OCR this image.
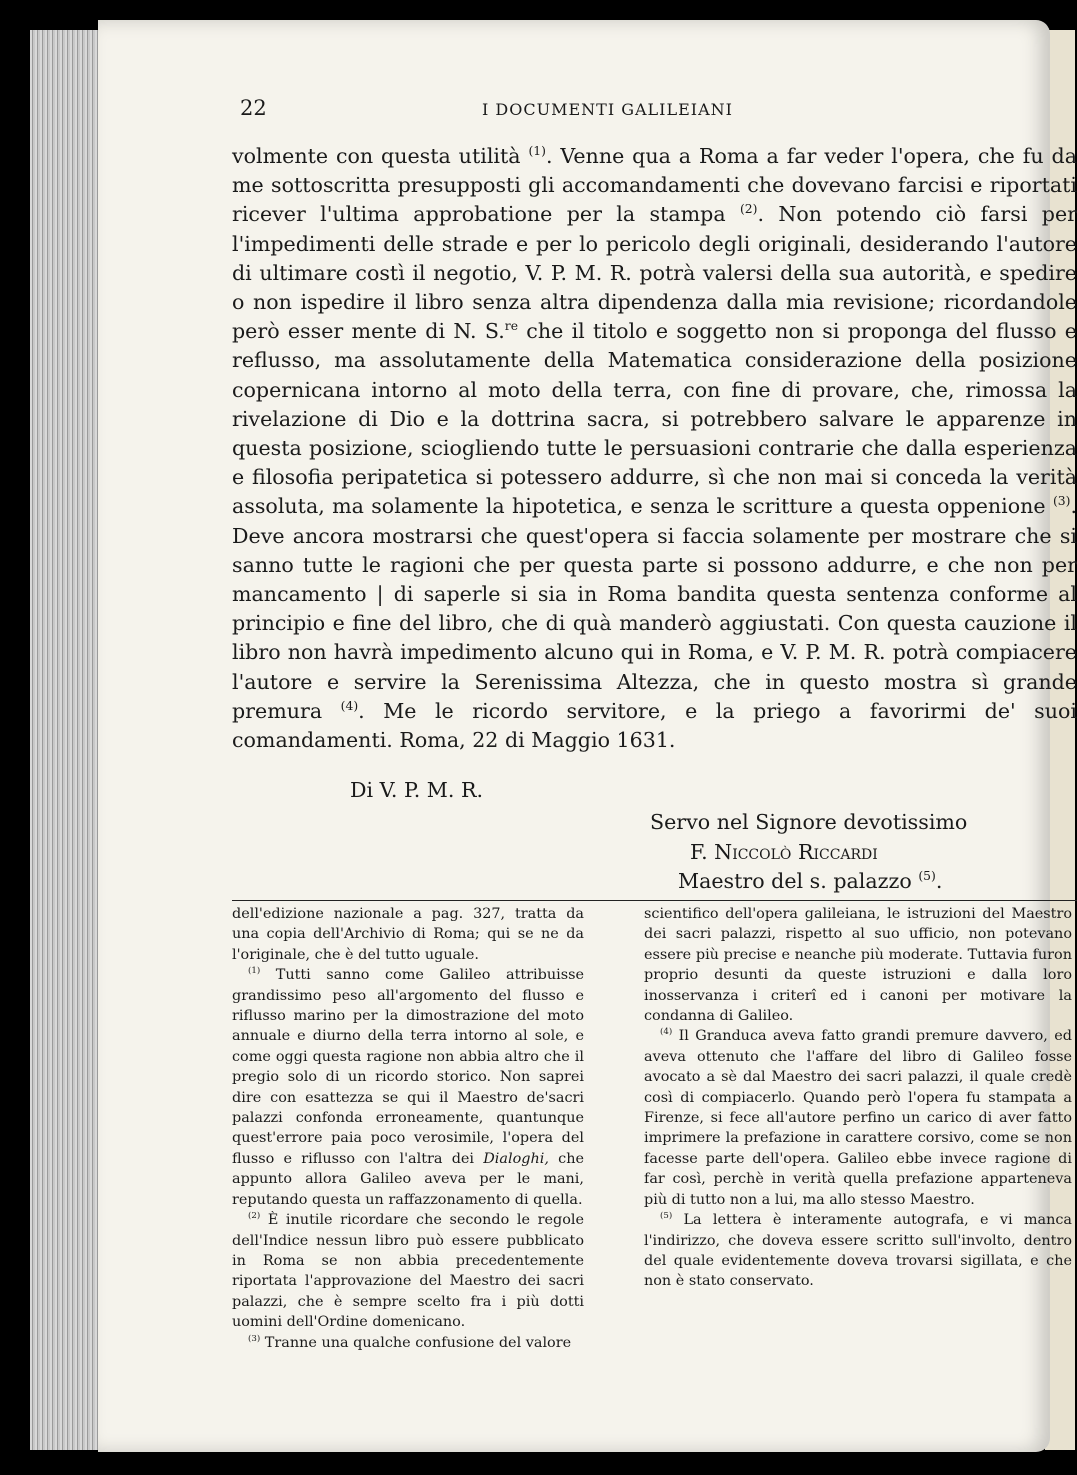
22	I DOCUMENTI GALILEIANI

volmente con questa utilità $^{(1)}$. Venne qua a Roma a far veder l'opera, che fu da me sottoscritta presupposti gli accomandamenti che dovevano farcisi e riportati ricever l'ultima approbatione per la stampa $^{(2)}$. Non potendo ciò farsi per l'impedimenti delle strade e per lo pericolo degli originali, desiderando l'autore di ultimare costì il negotio, V. P. M. R. potrà valersi della sua autorità, e spedire o non ispedire il libro senza altra dipendenza dalla mia revisione; ricordandole però esser mente di N. S.$^{re}$ che il titolo e soggetto non si proponga del flusso e reflusso, ma assolutamente della Matematica considerazione della posizione copernicana intorno al moto della terra, con fine di provare, che, rimossa la rivelazione di Dio e la dottrina sacra, si potrebbero salvare le apparenze in questa posizione, sciogliendo tutte le persuasioni contrarie che dalla esperienza e filosofia peripatetica si potessero addurre, sì che non mai si conceda la verità assoluta, ma solamente la hipotetica, e senza le scritture a questa oppenione $^{(3)}$. Deve ancora mostrarsi che quest'opera si faccia solamente per mostrare che si sanno tutte le ragioni che per questa parte si possono addurre, e che non per mancamento | di saperle si sia in Roma bandita questa sentenza conforme al principio e fine del libro, che di quà manderò aggiustati. Con questa cauzione il libro non havrà impedimento alcuno qui in Roma, e V. P. M. R. potrà compiacere l'autore e servire la Serenissima Altezza, che in questo mostra sì grande premura $^{(4)}$. Me le ricordo servitore, e la priego a favorirmi de' suoi comandamenti. Roma, 22 di Maggio 1631.

Di V. P. M. R.
Servo nel Signore devotissimo
F. Niccolò Riccardi
Maestro del s. palazzo $^{(5)}$.

dell'edizione nazionale a pag. 327, tratta da una copia dell'Archivio di Roma; qui se ne da l'originale, che è del tutto uguale.

$^{(1)}$ Tutti sanno come Galileo attribuisse grandissimo peso all'argomento del flusso e riflusso marino per la dimostrazione del moto annuale e diurno della terra intorno al sole, e come oggi questa ragione non abbia altro che il pregio solo di un ricordo storico. Non saprei dire con esattezza se qui il Maestro de'sacri palazzi confonda erroneamente, quantunque quest'errore paia poco verosimile, l'opera del flusso e riflusso con l'altra dei Dialoghi, che appunto allora Galileo aveva per le mani, reputando questa un raffazzonamento di quella.

$^{(2)}$ È inutile ricordare che secondo le regole dell'Indice nessun libro può essere pubblicato in Roma se non abbia precedentemente riportata l'approvazione del Maestro dei sacri palazzi, che è sempre scelto fra i più dotti uomini dell'Ordine domenicano.

$^{(3)}$ Tranne una qualche confusione del valore

scientifico dell'opera galileiana, le istruzioni del Maestro dei sacri palazzi, rispetto al suo ufficio, non potevano essere più precise e neanche più moderate. Tuttavia furon proprio desunti da queste istruzioni e dalla loro inosservanza i criterî ed i canoni per motivare la condanna di Galileo.

$^{(4)}$ Il Granduca aveva fatto grandi premure davvero, ed aveva ottenuto che l'affare del libro di Galileo fosse avocato a sè dal Maestro dei sacri palazzi, il quale credè così di compiacerlo. Quando però l'opera fu stampata a Firenze, si fece all'autore perfino un carico di aver fatto imprimere la prefazione in carattere corsivo, come se non facesse parte dell'opera. Galileo ebbe invece ragione di far così, perchè in verità quella prefazione apparteneva più di tutto non a lui, ma allo stesso Maestro.

$^{(5)}$ La lettera è interamente autografa, e vi manca l'indirizzo, che doveva essere scritto sull'involto, dentro del quale evidentemente doveva trovarsi sigillata, e che non è stato conservato.
